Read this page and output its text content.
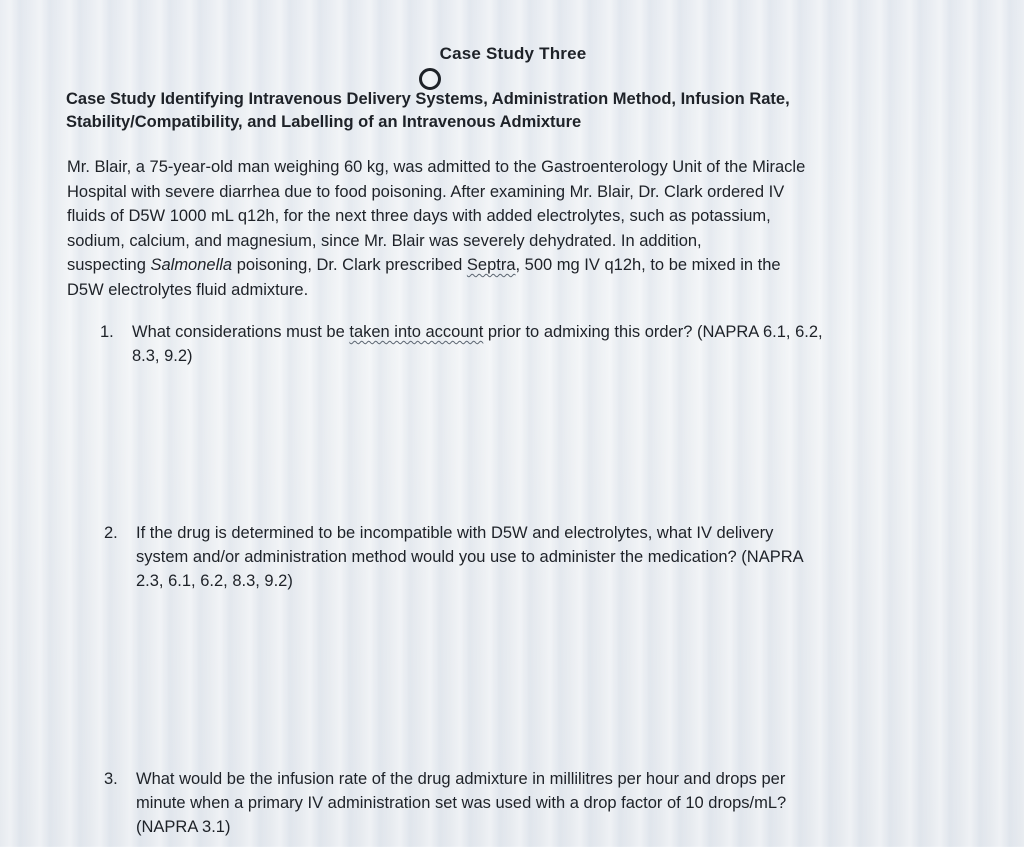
Case Study Three
Case Study Identifying Intravenous Delivery Systems, Administration Method, Infusion Rate,
Stability/Compatibility, and Labelling of an Intravenous Admixture
Mr. Blair, a 75-year-old man weighing 60 kg, was admitted to the Gastroenterology Unit of the Miracle
Hospital with severe diarrhea due to food poisoning. After examining Mr. Blair, Dr. Clark ordered IV
fluids of D5W 1000 mL q12h, for the next three days with added electrolytes, such as potassium,
sodium, calcium, and magnesium, since Mr. Blair was severely dehydrated. In addition,
suspecting Salmonella poisoning, Dr. Clark prescribed Septra, 500 mg IV q12h, to be mixed in the
D5W electrolytes fluid admixture.
1.	What considerations must be taken into account prior to admixing this order? (NAPRA 6.1, 6.2,
8.3, 9.2)
2.	If the drug is determined to be incompatible with D5W and electrolytes, what IV delivery
system and/or administration method would you use to administer the medication? (NAPRA
2.3, 6.1, 6.2, 8.3, 9.2)
3.	What would be the infusion rate of the drug admixture in millilitres per hour and drops per
minute when a primary IV administration set was used with a drop factor of 10 drops/mL?
(NAPRA 3.1)
